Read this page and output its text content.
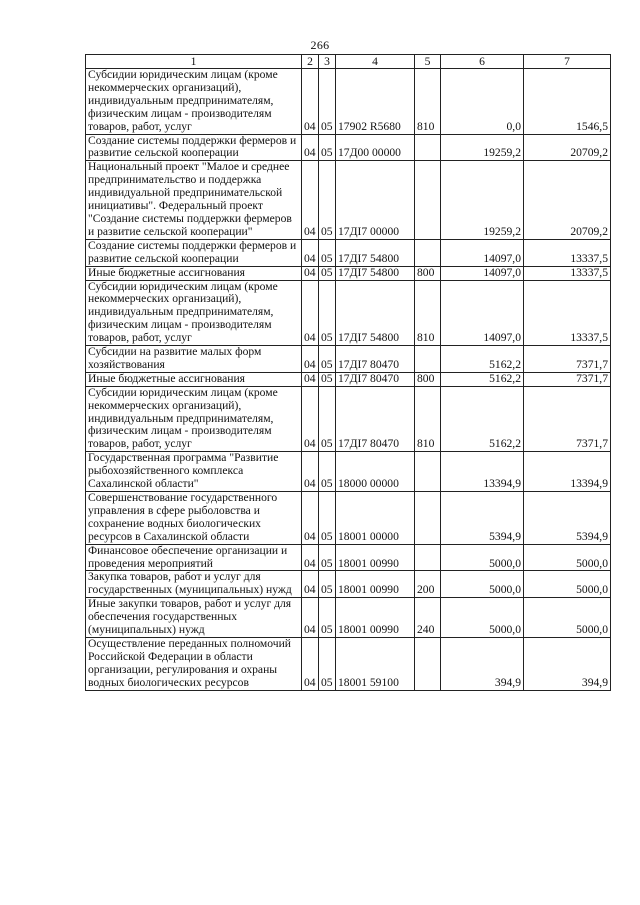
266
1	2	3	4	5	6	7
Субсидии юридическим лицам (кроме некоммерческих организаций), индивидуальным предпринимателям, физическим лицам - производителям товаров, работ, услуг	04	05	17902 R5680	810	0,0	1546,5
Создание системы поддержки фермеров и развитие сельской кооперации	04	05	17Д00 00000		19259,2	20709,2
Национальный проект "Малое и среднее предпринимательство и поддержка индивидуальной предпринимательской инициативы". Федеральный проект "Создание системы поддержки фермеров и развитие сельской кооперации"	04	05	17ДI7 00000		19259,2	20709,2
Создание системы поддержки фермеров и развитие сельской кооперации	04	05	17ДI7 54800		14097,0	13337,5
Иные бюджетные ассигнования	04	05	17ДI7 54800	800	14097,0	13337,5
Субсидии юридическим лицам (кроме некоммерческих организаций), индивидуальным предпринимателям, физическим лицам - производителям товаров, работ, услуг	04	05	17ДI7 54800	810	14097,0	13337,5
Субсидии на развитие малых форм хозяйствования	04	05	17ДI7 80470		5162,2	7371,7
Иные бюджетные ассигнования	04	05	17ДI7 80470	800	5162,2	7371,7
Субсидии юридическим лицам (кроме некоммерческих организаций), индивидуальным предпринимателям, физическим лицам - производителям товаров, работ, услуг	04	05	17ДI7 80470	810	5162,2	7371,7
Государственная программа "Развитие рыбохозяйственного комплекса Сахалинской области"	04	05	18000 00000		13394,9	13394,9
Совершенствование государственного управления в сфере рыболовства и сохранение водных биологических ресурсов в Сахалинской области	04	05	18001 00000		5394,9	5394,9
Финансовое обеспечение организации и проведения мероприятий	04	05	18001 00990		5000,0	5000,0
Закупка товаров, работ и услуг для государственных (муниципальных) нужд	04	05	18001 00990	200	5000,0	5000,0
Иные закупки товаров, работ и услуг для обеспечения государственных (муниципальных) нужд	04	05	18001 00990	240	5000,0	5000,0
Осуществление переданных полномочий Российской Федерации в области организации, регулирования и охраны водных биологических ресурсов	04	05	18001 59100		394,9	394,9
